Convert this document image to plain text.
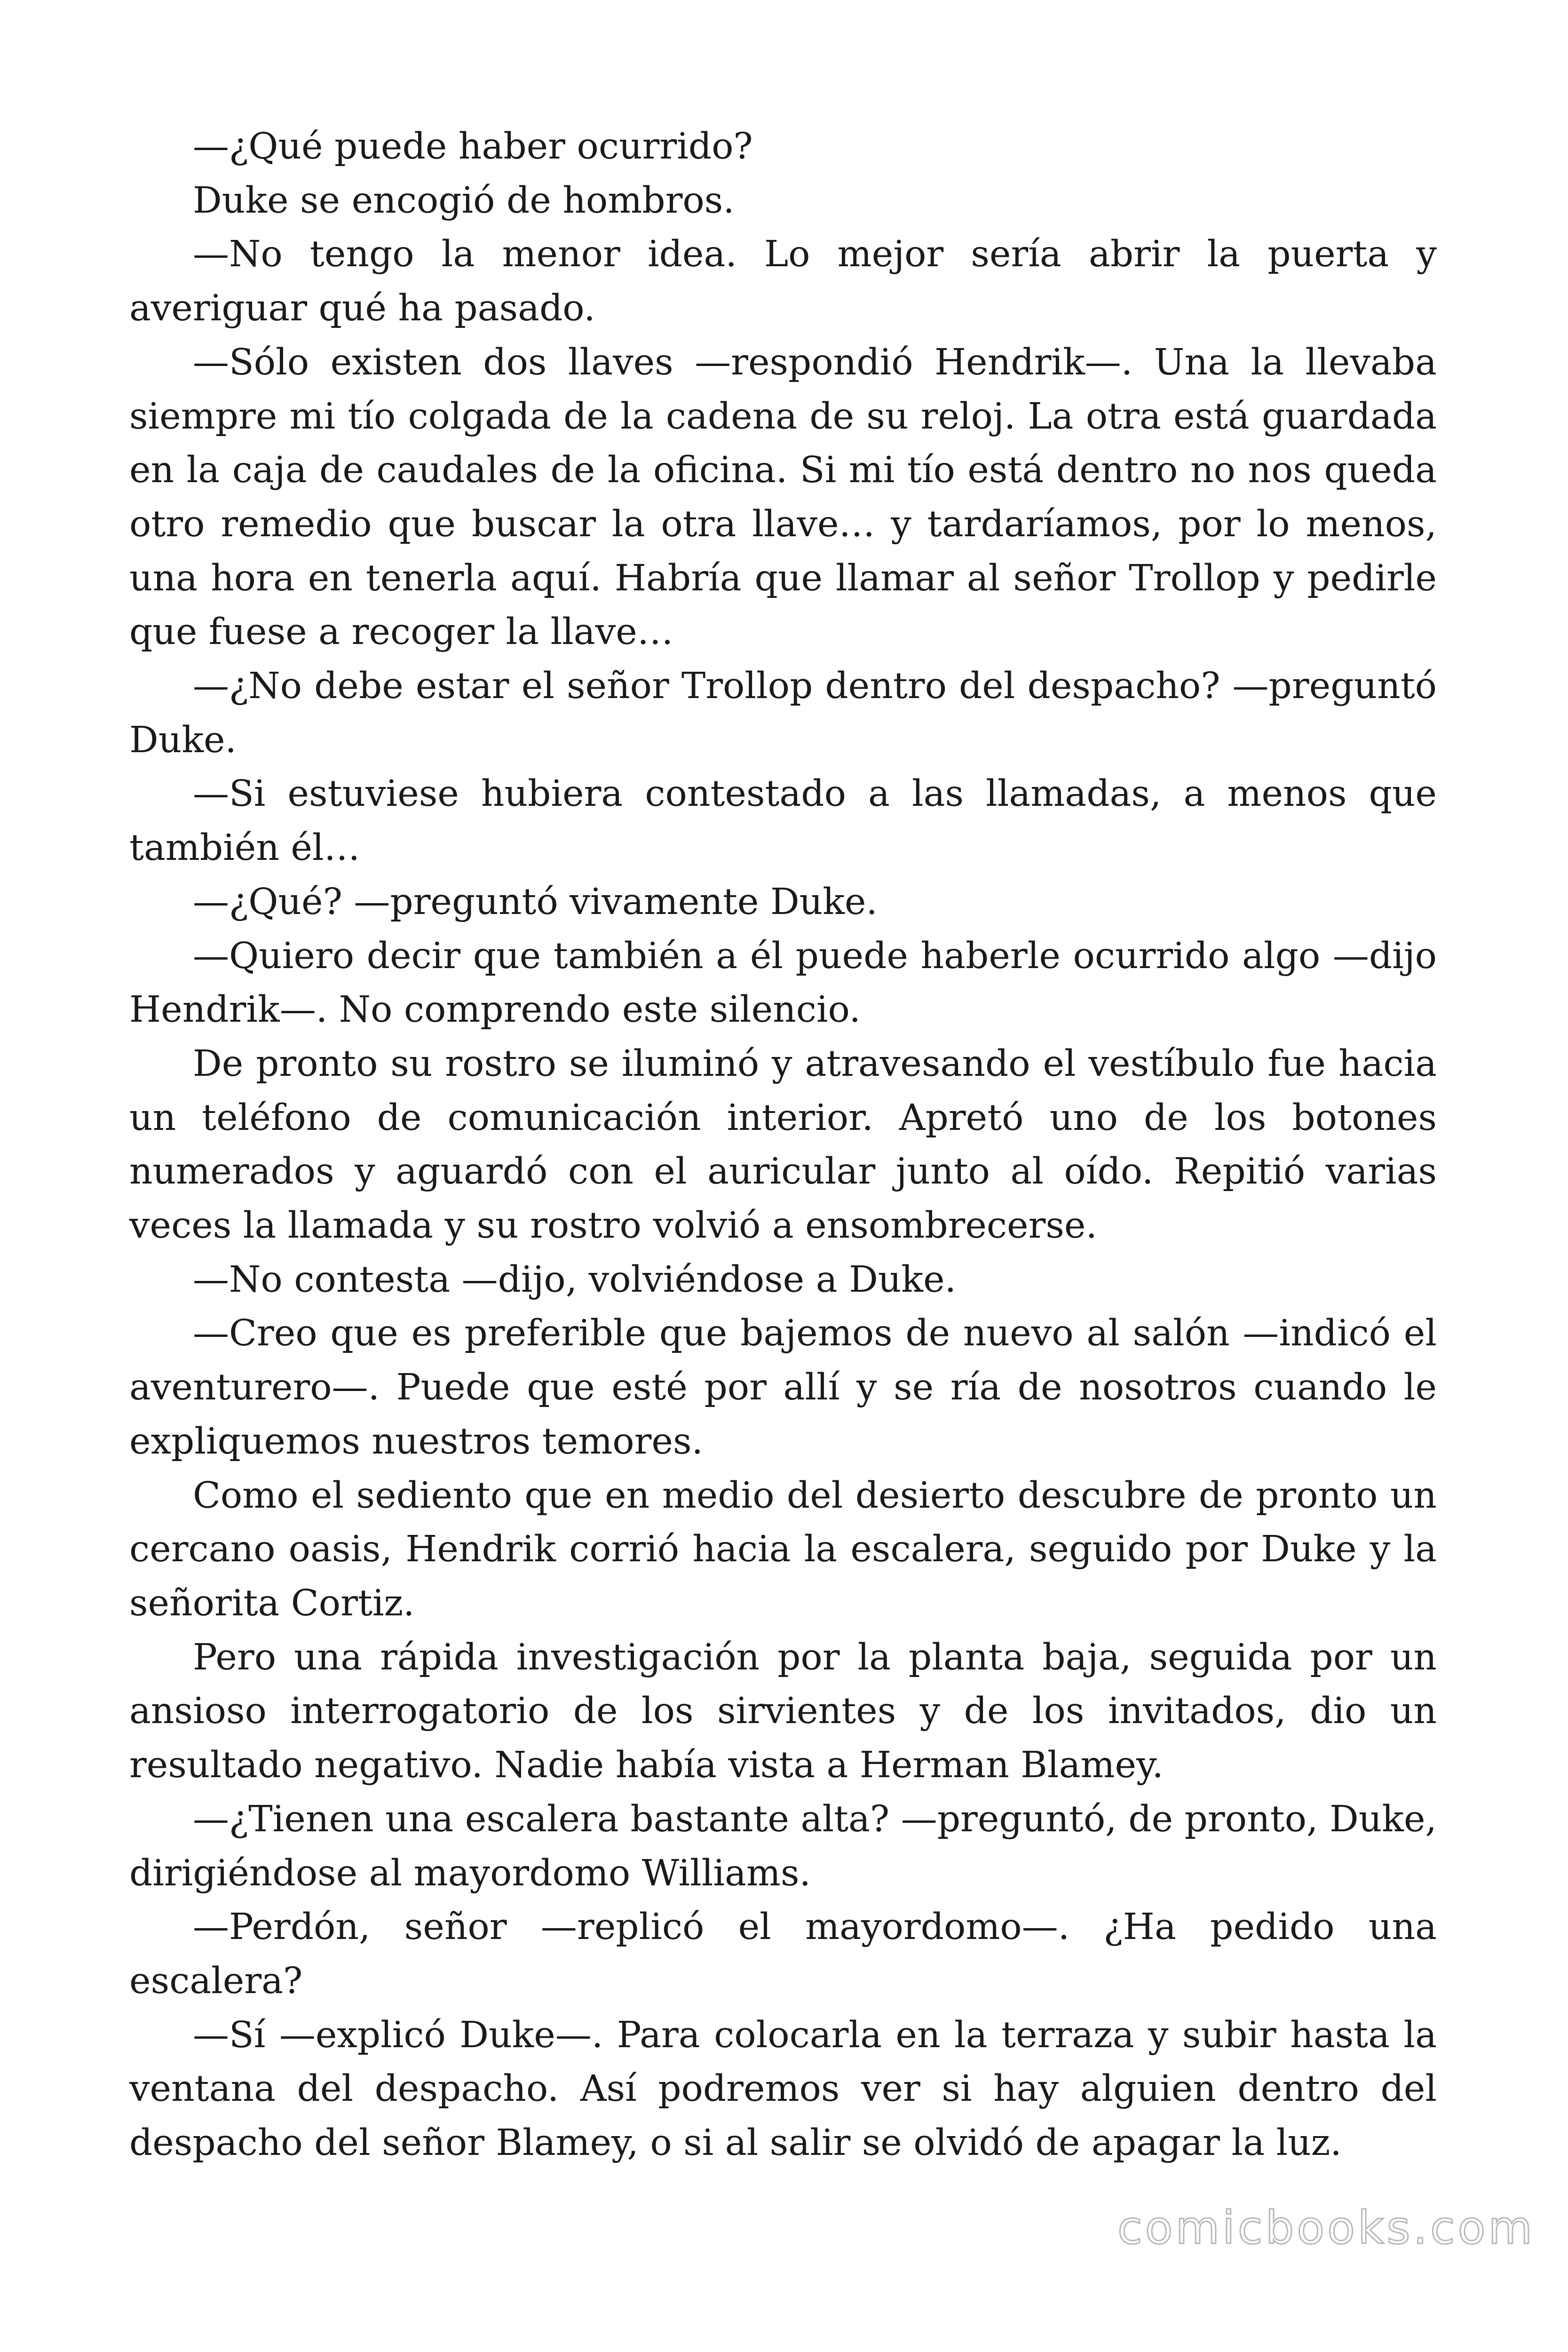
—¿Qué puede haber ocurrido?

Duke se encogió de hombros.

—No tengo la menor idea. Lo mejor sería abrir la puerta y averiguar qué ha pasado.

—Sólo existen dos llaves —respondió Hendrik—. Una la llevaba siempre mi tío colgada de la cadena de su reloj. La otra está guardada en la caja de caudales de la oficina. Si mi tío está dentro no nos queda otro remedio que buscar la otra llave… y tardaríamos, por lo menos, una hora en tenerla aquí. Habría que llamar al señor Trollop y pedirle que fuese a recoger la llave…

—¿No debe estar el señor Trollop dentro del despacho? —preguntó Duke.

—Si estuviese hubiera contestado a las llamadas, a menos que también él…

—¿Qué? —preguntó vivamente Duke.

—Quiero decir que también a él puede haberle ocurrido algo —dijo Hendrik—. No comprendo este silencio.

De pronto su rostro se iluminó y atravesando el vestíbulo fue hacia un teléfono de comunicación interior. Apretó uno de los botones numerados y aguardó con el auricular junto al oído. Repitió varias veces la llamada y su rostro volvió a ensombrecerse.

—No contesta —dijo, volviéndose a Duke.

—Creo que es preferible que bajemos de nuevo al salón —indicó el aventurero—. Puede que esté por allí y se ría de nosotros cuando le expliquemos nuestros temores.

Como el sediento que en medio del desierto descubre de pronto un cercano oasis, Hendrik corrió hacia la escalera, seguido por Duke y la señorita Cortiz.

Pero una rápida investigación por la planta baja, seguida por un ansioso interrogatorio de los sirvientes y de los invitados, dio un resultado negativo. Nadie había vista a Herman Blamey.

—¿Tienen una escalera bastante alta? —preguntó, de pronto, Duke, dirigiéndose al mayordomo Williams.

—Perdón, señor —replicó el mayordomo—. ¿Ha pedido una escalera?

—Sí —explicó Duke—. Para colocarla en la terraza y subir hasta la ventana del despacho. Así podremos ver si hay alguien dentro del despacho del señor Blamey, o si al salir se olvidó de apagar la luz.

comicbooks.com
